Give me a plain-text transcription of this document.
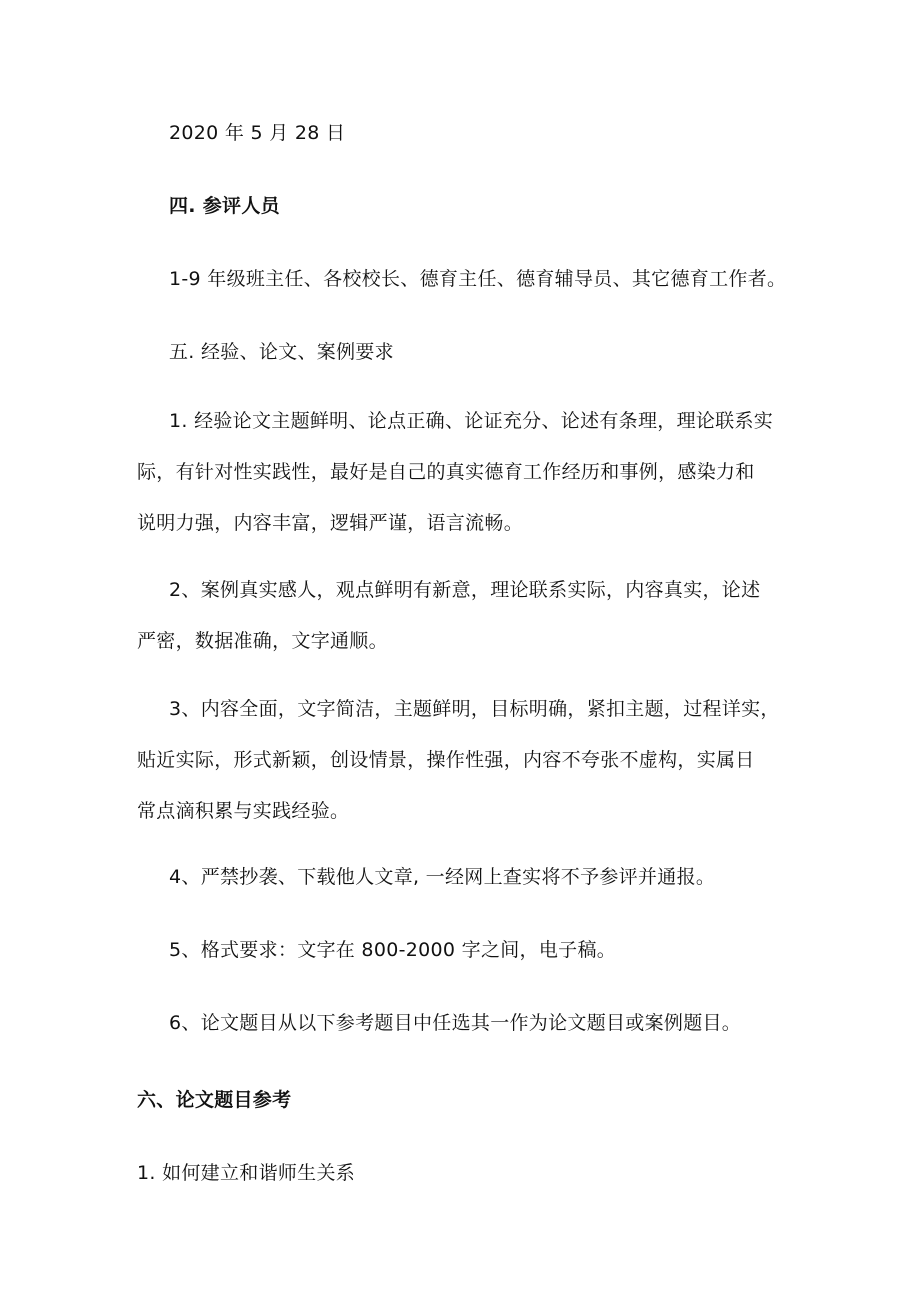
2020 年 5 月 28 日

四. 参评人员

1-9 年级班主任、各校校长、德育主任、德育辅导员、其它德育工作者。

五. 经验、论文、案例要求

1. 经验论文主题鲜明、论点正确、论证充分、论述有条理，理论联系实
际，有针对性实践性，最好是自己的真实德育工作经历和事例，感染力和
说明力强，内容丰富，逻辑严谨，语言流畅。
2、案例真实感人，观点鲜明有新意，理论联系实际，内容真实，论述
严密，数据准确，文字通顺。
3、内容全面，文字简洁，主题鲜明，目标明确，紧扣主题，过程详实，
贴近实际，形式新颖，创设情景，操作性强，内容不夸张不虚构，实属日
常点滴积累与实践经验。

4、严禁抄袭、下载他人文章, 一经网上查实将不予参评并通报。

5、格式要求：文字在 800-2000 字之间，电子稿。

6、论文题目从以下参考题目中任选其一作为论文题目或案例题目。

六、论文题目参考

1. 如何建立和谐师生关系
